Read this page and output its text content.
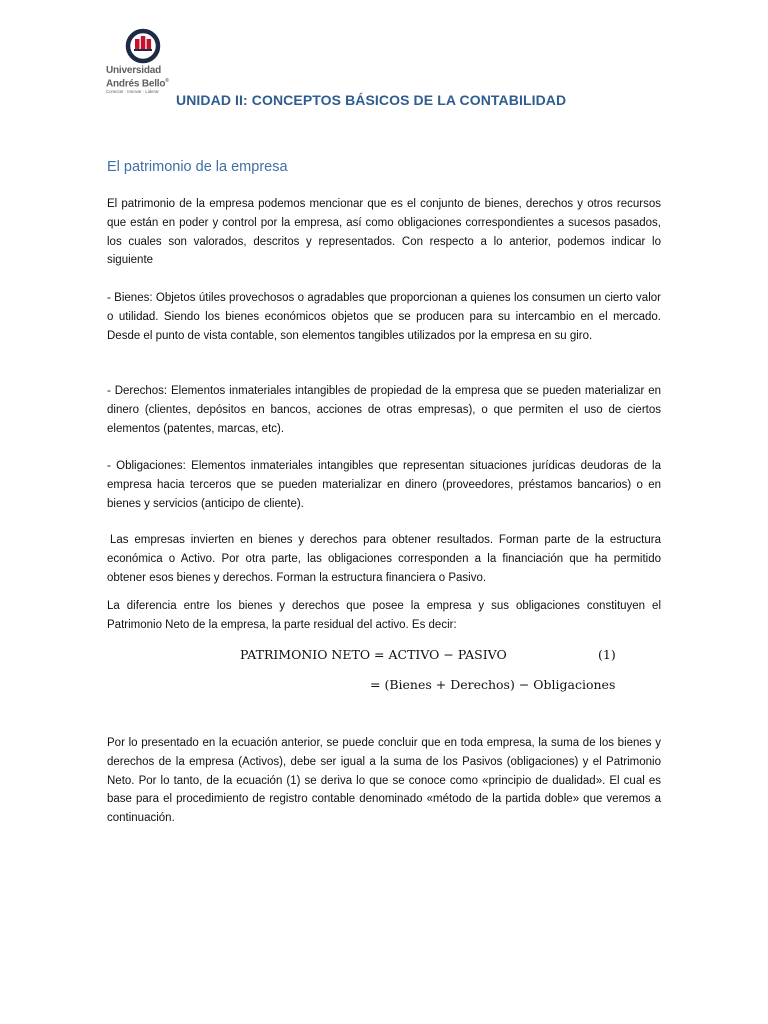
Universidad
Andrés Bello®
Conectar · Innovar · Liderar
UNIDAD II: CONCEPTOS BÁSICOS DE LA CONTABILIDAD
El patrimonio de la empresa

El patrimonio de la empresa podemos mencionar que es el conjunto de bienes, derechos y otros recursos que están en poder y control por la empresa, así como obligaciones correspondientes a sucesos pasados, los cuales son valorados, descritos y representados. Con respecto a lo anterior, podemos indicar lo siguiente

- Bienes: Objetos útiles provechosos o agradables que proporcionan a quienes los consumen un cierto valor o utilidad. Siendo los bienes económicos objetos que se producen para su intercambio en el mercado. Desde el punto de vista contable, son elementos tangibles utilizados por la empresa en su giro.

- Derechos: Elementos inmateriales intangibles de propiedad de la empresa que se pueden materializar en dinero (clientes, depósitos en bancos, acciones de otras empresas), o que permiten el uso de ciertos elementos (patentes, marcas, etc).

- Obligaciones: Elementos inmateriales intangibles que representan situaciones jurídicas deudoras de la empresa hacia terceros que se pueden materializar en dinero (proveedores, préstamos bancarios) o en bienes y servicios (anticipo de cliente).

Las empresas invierten en bienes y derechos para obtener resultados. Forman parte de la estructura económica o Activo. Por otra parte, las obligaciones corresponden a la financiación que ha permitido obtener esos bienes y derechos. Forman la estructura financiera o Pasivo.

La diferencia entre los bienes y derechos que posee la empresa y sus obligaciones constituyen el Patrimonio Neto de la empresa, la parte residual del activo. Es decir:

PATRIMONIO NETO = ACTIVO − PASIVO	(1)
= (Bienes + Derechos) − Obligaciones

Por lo presentado en la ecuación anterior, se puede concluir que en toda empresa, la suma de los bienes y derechos de la empresa (Activos), debe ser igual a la suma de los Pasivos (obligaciones) y el Patrimonio Neto. Por lo tanto, de la ecuación (1) se deriva lo que se conoce como «principio de dualidad». El cual es base para el procedimiento de registro contable denominado «método de la partida doble» que veremos a continuación.
